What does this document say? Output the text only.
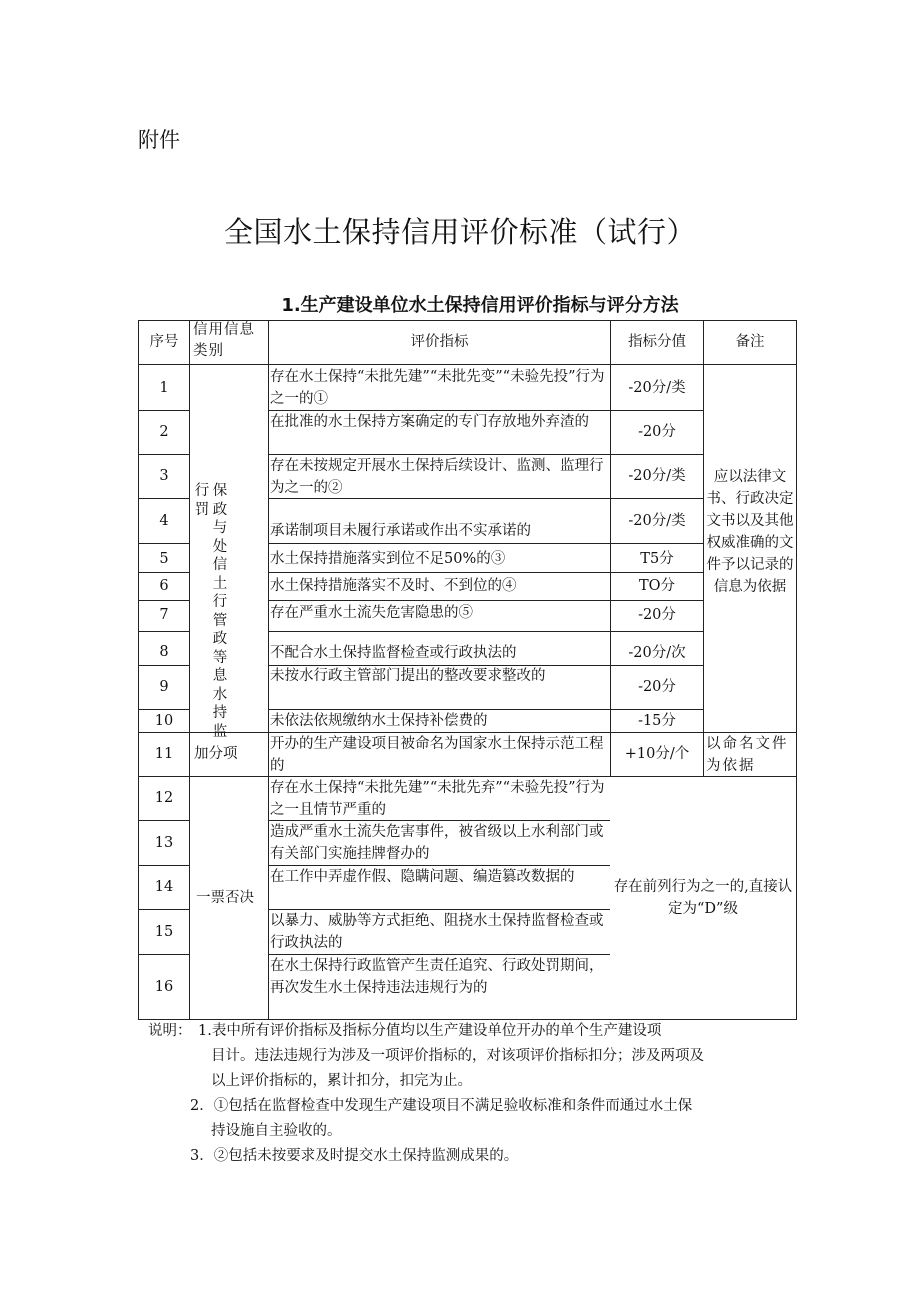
附件
全国水土保持信用评价标准（试行）
1.生产建设单位水土保持信用评价指标与评分方法
序号
信用信息类别
评价指标	指标分值	备注
1
2
3
4
5
6
7
8
9
10
11
12
13
14
15
16
行罚
保政与处信土行管政等息水持监
加分项
一票否决
存在水土保持“未批先建”“未批先变”“未验先投”行为之一的①
在批准的水土保持方案确定的专门存放地外弃渣的
存在未按规定开展水土保持后续设计、监测、监理行为之一的②
承诺制项目未履行承诺或作出不实承诺的
水土保持措施落实到位不足50%的③
水土保持措施落实不及时、不到位的④
存在严重水土流失危害隐患的⑤
不配合水土保持监督检查或行政执法的
未按水行政主管部门提出的整改要求整改的
未依法依规缴纳水土保持补偿费的
开办的生产建设项目被命名为国家水土保持示范工程的
存在水土保持“未批先建”“未批先弃”“未验先投”行为之一且情节严重的
造成严重水土流失危害事件，被省级以上水利部门或有关部门实施挂牌督办的
在工作中弄虚作假、隐瞒问题、编造篡改数据的
以暴力、威胁等方式拒绝、阻挠水土保持监督检查或行政执法的
在水土保持行政监管产生责任追究、行政处罚期间，再次发生水土保持违法违规行为的
-20分/类
-20分
-20分/类
-20分/类
T5分
TO分
-20分
-20分/次
-20分
-15分
+10分/个
应以法律文书、行政决定文书以及其他权威准确的文件予以记录的信息为依据
以命名文件为依据
存在前列行为之一的,直接认定为“D”级
说明： 1.表中所有评价指标及指标分值均以生产建设单位开办的单个生产建设项
目计。违法违规行为涉及一项评价指标的，对该项评价指标扣分；涉及两项及
以上评价指标的，累计扣分，扣完为止。
2．①包括在监督检查中发现生产建设项目不满足验收标准和条件而通过水土保
持设施自主验收的。
3．②包括未按要求及时提交水土保持监测成果的。
